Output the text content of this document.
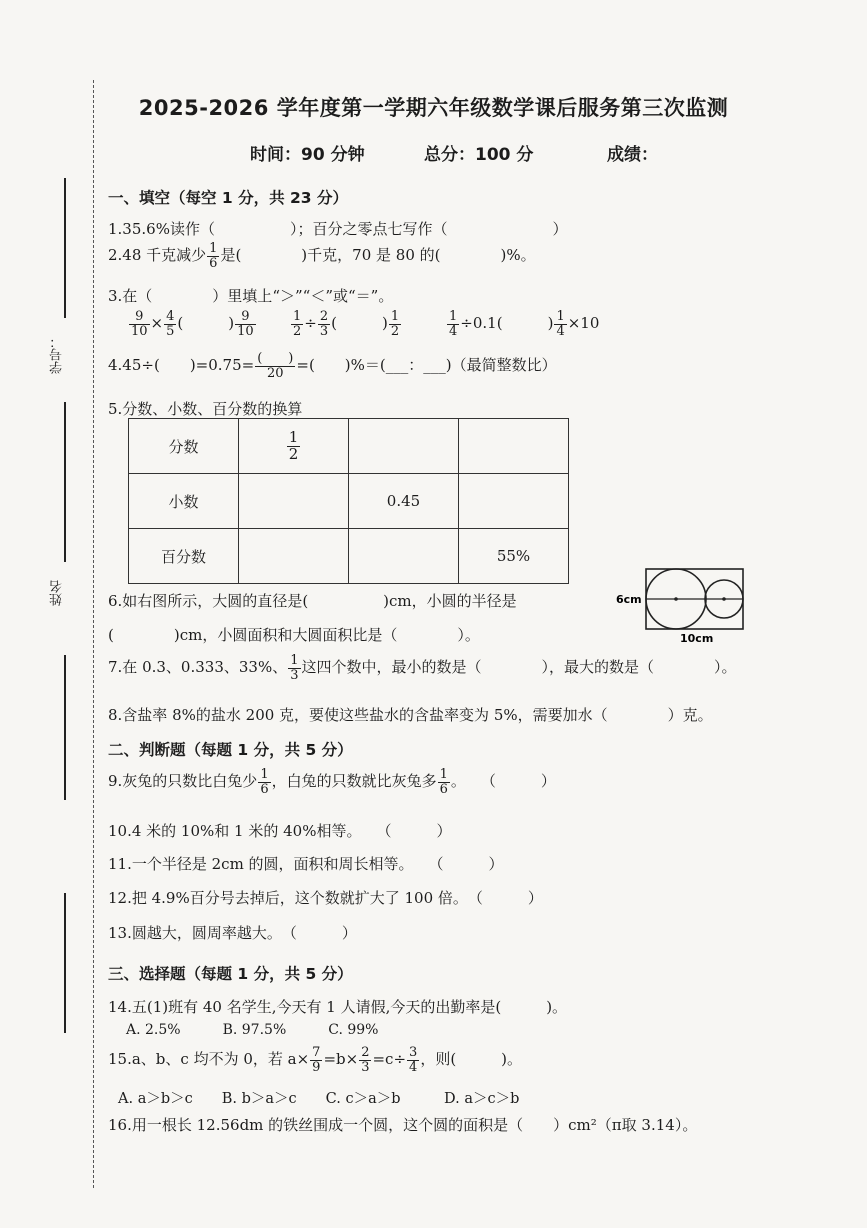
学号：
姓名
2025-2026 学年度第一学期六年级数学课后服务第三次监测
时间：90 分钟	总分：100 分	成绩：
一、填空（每空 1 分，共 23 分）
1.35.6%读作（　　　　　）；百分之零点七写作（　　　　　　　）
2.48 千克减少 $\frac{1}{6}$ 是(　　　　)千克，70 是 80 的(　　　　)%。
3.在（　　　　）里填上“＞”“＜”或“＝”。
$\frac{9}{10} \times \frac{4}{5}$ (　　　) $\frac{9}{10}$	$\frac{1}{2} \div \frac{2}{3}$ (　　　) $\frac{1}{2}$	$\frac{1}{4} \div 0.1$(　　　) $\frac{1}{4} \times 10$
4.45÷(　　)$=0.75= \frac{( )}{20}$ =(　　)%＝(___：___)（最简整数比）
5.分数、小数、百分数的换算
分数	$\frac{1}{2}$

小数		0.45	
百分数			55%
6.如右图所示，大圆的直径是(　　　　　)cm，小圆的半径是
(　　　　)cm，小圆面积和大圆面积比是（　　　　）。
6cm
10cm
7.在 0.3、0.333、33%、 $\frac{1}{3}$ 这四个数中，最小的数是（　　　　），最大的数是（　　　　）。
8.含盐率 8%的盐水 200 克，要使这些盐水的含盐率变为 5%，需要加水（　　　　）克。
二、判断题（每题 1 分，共 5 分）
9.灰兔的只数比白兔少 $\frac{1}{6}$ ，白兔的只数就比灰兔多 $\frac{1}{6}$ 。　　（　　　）
10.4 米的 10%和 1 米的 40%相等。　　（　　　）
11.一个半径是 2cm 的圆，面积和周长相等。　　（　　　）
12.把 4.9%百分号去掉后，这个数就扩大了 100 倍。　（　　　）
13.圆越大，圆周率越大。　（　　　）
三、选择题（每题 1 分，共 5 分）
14.五(1)班有 40 名学生,今天有 1 人请假,今天的出勤率是(　　　)。
A. 2.5%　　　B. 97.5%　　　C. 99%
15.a、b、c 均不为 0，若 $a\times \frac{7}{9} =b\times \frac{2}{3} =c\div \frac{3}{4}$ ，则(　　　)。
A. a＞b＞c　　B. b＞a＞c　　C. c＞a＞b　　　D. a＞c＞b
16.用一根长 12.56dm 的铁丝围成一个圆，这个圆的面积是（　　）cm²（π取 3.14）。
